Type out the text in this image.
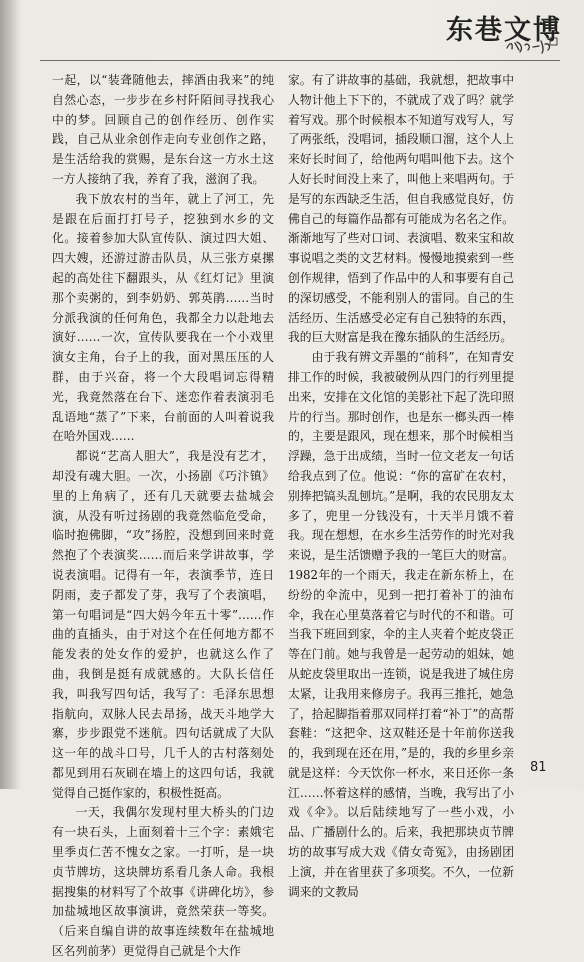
东巷文博

一起，以“装聋随他去，摔酒由我来”的纯自然心态，一步步在乡村阡陌间寻找我心中的梦。回顾自己的创作经历、创作实践，自己从业余创作走向专业创作之路，是生活给我的赏赐，是东台这一方水土这一方人接纳了我，养育了我，滋润了我。

我下放农村的当年，就上了河工，先是跟在后面打打号子，挖独到水乡的文化。接着参加大队宣传队、演过四大姐、四大嫂，还游过游击队员，从三张方桌摞起的高处往下翻跟头，从《红灯记》里演那个卖粥的，到李奶奶、郭英鹃……当时分派我演的任何角色，我都全力以赴地去演好……一次，宣传队要我在一个小戏里演女主角，台子上的我，面对黑压压的人群，由于兴奋，将一个大段唱词忘得精光，我竟然落在台下、迷恋作着表演羽毛乱语地“蒸了”下来，台前面的人叫着说我在哈外国戏……

都说“艺高人胆大”，我是没有艺才，却没有魂大胆。一次，小扬剧《巧汴镇》里的上角病了，还有几天就要去盐城会演，从没有听过扬剧的我竟然临危受命，临时抱佛脚，“攻”扬腔，没想到回来时竟然抱了个表演奖……而后来学讲故事，学说表演唱。记得有一年，表演季节，连日阴雨，麦子都发了芽，我写了个表演唱，第一句唱词是“四大妈今年五十零”……作曲的直插头，由于对这个在任何地方都不能发表的处女作的爱护，也就这么作了曲，我倒是挺有成就感的。大队长信任我，叫我写四句话，我写了：毛泽东思想指航向，双脉人民去昂扬，战天斗地学大寨，步步跟党不迷航。四句话就成了大队这一年的战斗口号，几千人的古村落刻处都见到用石灰刷在墙上的这四句话，我就觉得自己挺作家的，积极性挺高。

一天，我偶尔发现村里大桥头的门边有一块石头，上面刻着十三个字：素娥宅里季贞仁苦不愧女之家。一打听，是一块贞节牌坊，这块牌坊系看几条人命。我根据搜集的材料写了个故事《讲碑化坊》，参加盐城地区故事演讲，竟然荣获一等奖。（后来自编自讲的故事连续数年在盐城地区名列前茅）更觉得自己就是个大作

家。有了讲故事的基础，我就想，把故事中人物计他上下下的，不就成了戏了吗？就学着写戏。那个时候根本不知道写戏写人，写了两张纸，没唱词，插段顺口溜，这个人上来好长时间了，给他两句唱叫他下去。这个人好长时间没上来了，叫他上来唱两句。于是写的东西缺乏生活，但自我感觉良好，仿佛自己的每篇作品都有可能成为名名之作。渐渐地写了些对口词、表演唱、数来宝和故事说唱之类的文艺材料。慢慢地摸索到一些创作规律，悟到了作品中的人和事要有自己的深切感受，不能利别人的雷同。自己的生活经历、生活感受必定有自己独特的东西，我的巨大财富是我在豫东插队的生活经历。

由于我有辨文弄墨的“前科”，在知青安排工作的时候，我被破例从四门的行列里提出来，安排在文化馆的美影社下起了洗印照片的行当。那时创作，也是东一榔头西一棒的，主要是跟风，现在想来，那个时候相当浮躁，急于出成绩，当时一位文老友一句话给我点到了位。他说：“你的富矿在农村，别捧把镐头乱刨坑。”是啊，我的农民朋友太多了，兜里一分钱没有，十天半月饿不着我。现在想想，在水乡生活劳作的时光对我来说，是生活馈赠予我的一笔巨大的财富。1982年的一个雨天，我走在新东桥上，在纷纷的伞流中，见到一把打着补丁的油布伞，我在心里莫落着它与时代的不和谐。可当我下班回到家，伞的主人夹着个蛇皮袋正等在门前。她与我曾是一起劳动的姐妹，她从蛇皮袋里取出一连锁，说是我进了城住房太紧，让我用来修房子。我再三推托，她急了，拾起脚指着那双同样打着“补丁”的高帮套鞋：“这把伞、这双鞋还是十年前你送我的，我到现在还在用，”是的，我的乡里乡亲就是这样：今天饮你一杯水，来日还你一条江……怀着这样的感情，当晚，我写出了小戏《伞》。以后陆续地写了一些小戏，小品、广播剧什么的。后来，我把那块贞节牌坊的故事写成大戏《倩女奇冤》，由扬剧团上演，并在省里获了多项奖。不久，一位新调来的文教局

81
